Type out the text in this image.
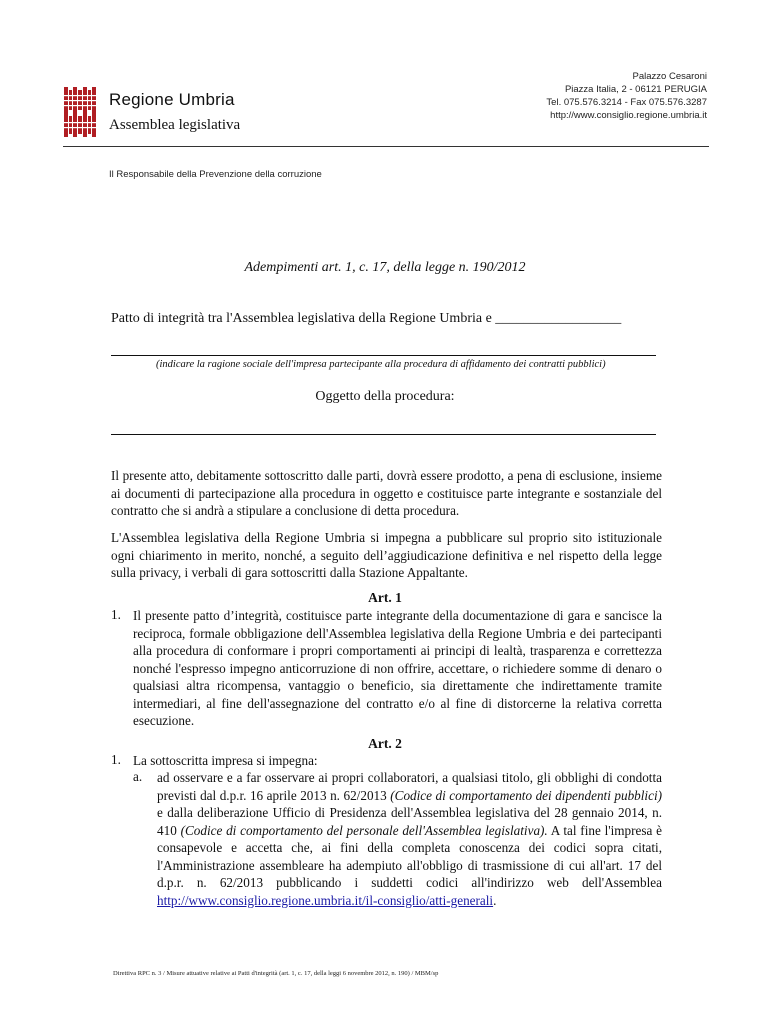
Regione Umbria
Assemblea legislativa
Palazzo Cesaroni
Piazza Italia, 2 - 06121 PERUGIA
Tel. 075.576.3214 - Fax 075.576.3287
http://www.consiglio.regione.umbria.it
Il Responsabile della Prevenzione della corruzione
Adempimenti art. 1, c. 17, della legge n. 190/2012
Patto di integrità tra l'Assemblea legislativa della Regione Umbria e __________________
(indicare la ragione sociale dell'impresa partecipante alla procedura di affidamento dei contratti pubblici)
Oggetto della procedura:
Il presente atto, debitamente sottoscritto dalle parti, dovrà essere prodotto, a pena di esclusione, insieme ai documenti di partecipazione alla procedura in oggetto e costituisce parte integrante e sostanziale del contratto che si andrà a stipulare a conclusione di detta procedura.
L'Assemblea legislativa della Regione Umbria si impegna a pubblicare sul proprio sito istituzionale ogni chiarimento in merito, nonché, a seguito dell’aggiudicazione definitiva e nel rispetto della legge sulla privacy, i verbali di gara sottoscritti dalla Stazione Appaltante.
Art. 1
1. Il presente patto d’integrità, costituisce parte integrante della documentazione di gara e sancisce la reciproca, formale obbligazione dell'Assemblea legislativa della Regione Umbria e dei partecipanti alla procedura di conformare i propri comportamenti ai principi di lealtà, trasparenza e correttezza nonché l'espresso impegno anticorruzione di non offrire, accettare, o richiedere somme di denaro o qualsiasi altra ricompensa, vantaggio o beneficio, sia direttamente che indirettamente tramite intermediari, al fine dell'assegnazione del contratto e/o al fine di distorcerne la relativa corretta esecuzione.
Art. 2
1. La sottoscritta impresa si impegna:
a. ad osservare e a far osservare ai propri collaboratori, a qualsiasi titolo, gli obblighi di condotta previsti dal d.p.r. 16 aprile 2013 n. 62/2013 (Codice di comportamento dei dipendenti pubblici) e dalla deliberazione Ufficio di Presidenza dell'Assemblea legislativa del 28 gennaio 2014, n. 410 (Codice di comportamento del personale dell'Assemblea legislativa). A tal fine l'impresa è consapevole e accetta che, ai fini della completa conoscenza dei codici sopra citati, l'Amministrazione assembleare ha adempiuto all'obbligo di trasmissione di cui all'art. 17 del d.p.r. n. 62/2013 pubblicando i suddetti codici all'indirizzo web dell'Assemblea http://www.consiglio.regione.umbria.it/il-consiglio/atti-generali.
Direttiva RPC n. 3 / Misure attuative relative ai Patti d'integrità (art. 1, c. 17, della leggi 6 novembre 2012, n. 190) / MBM/sp
